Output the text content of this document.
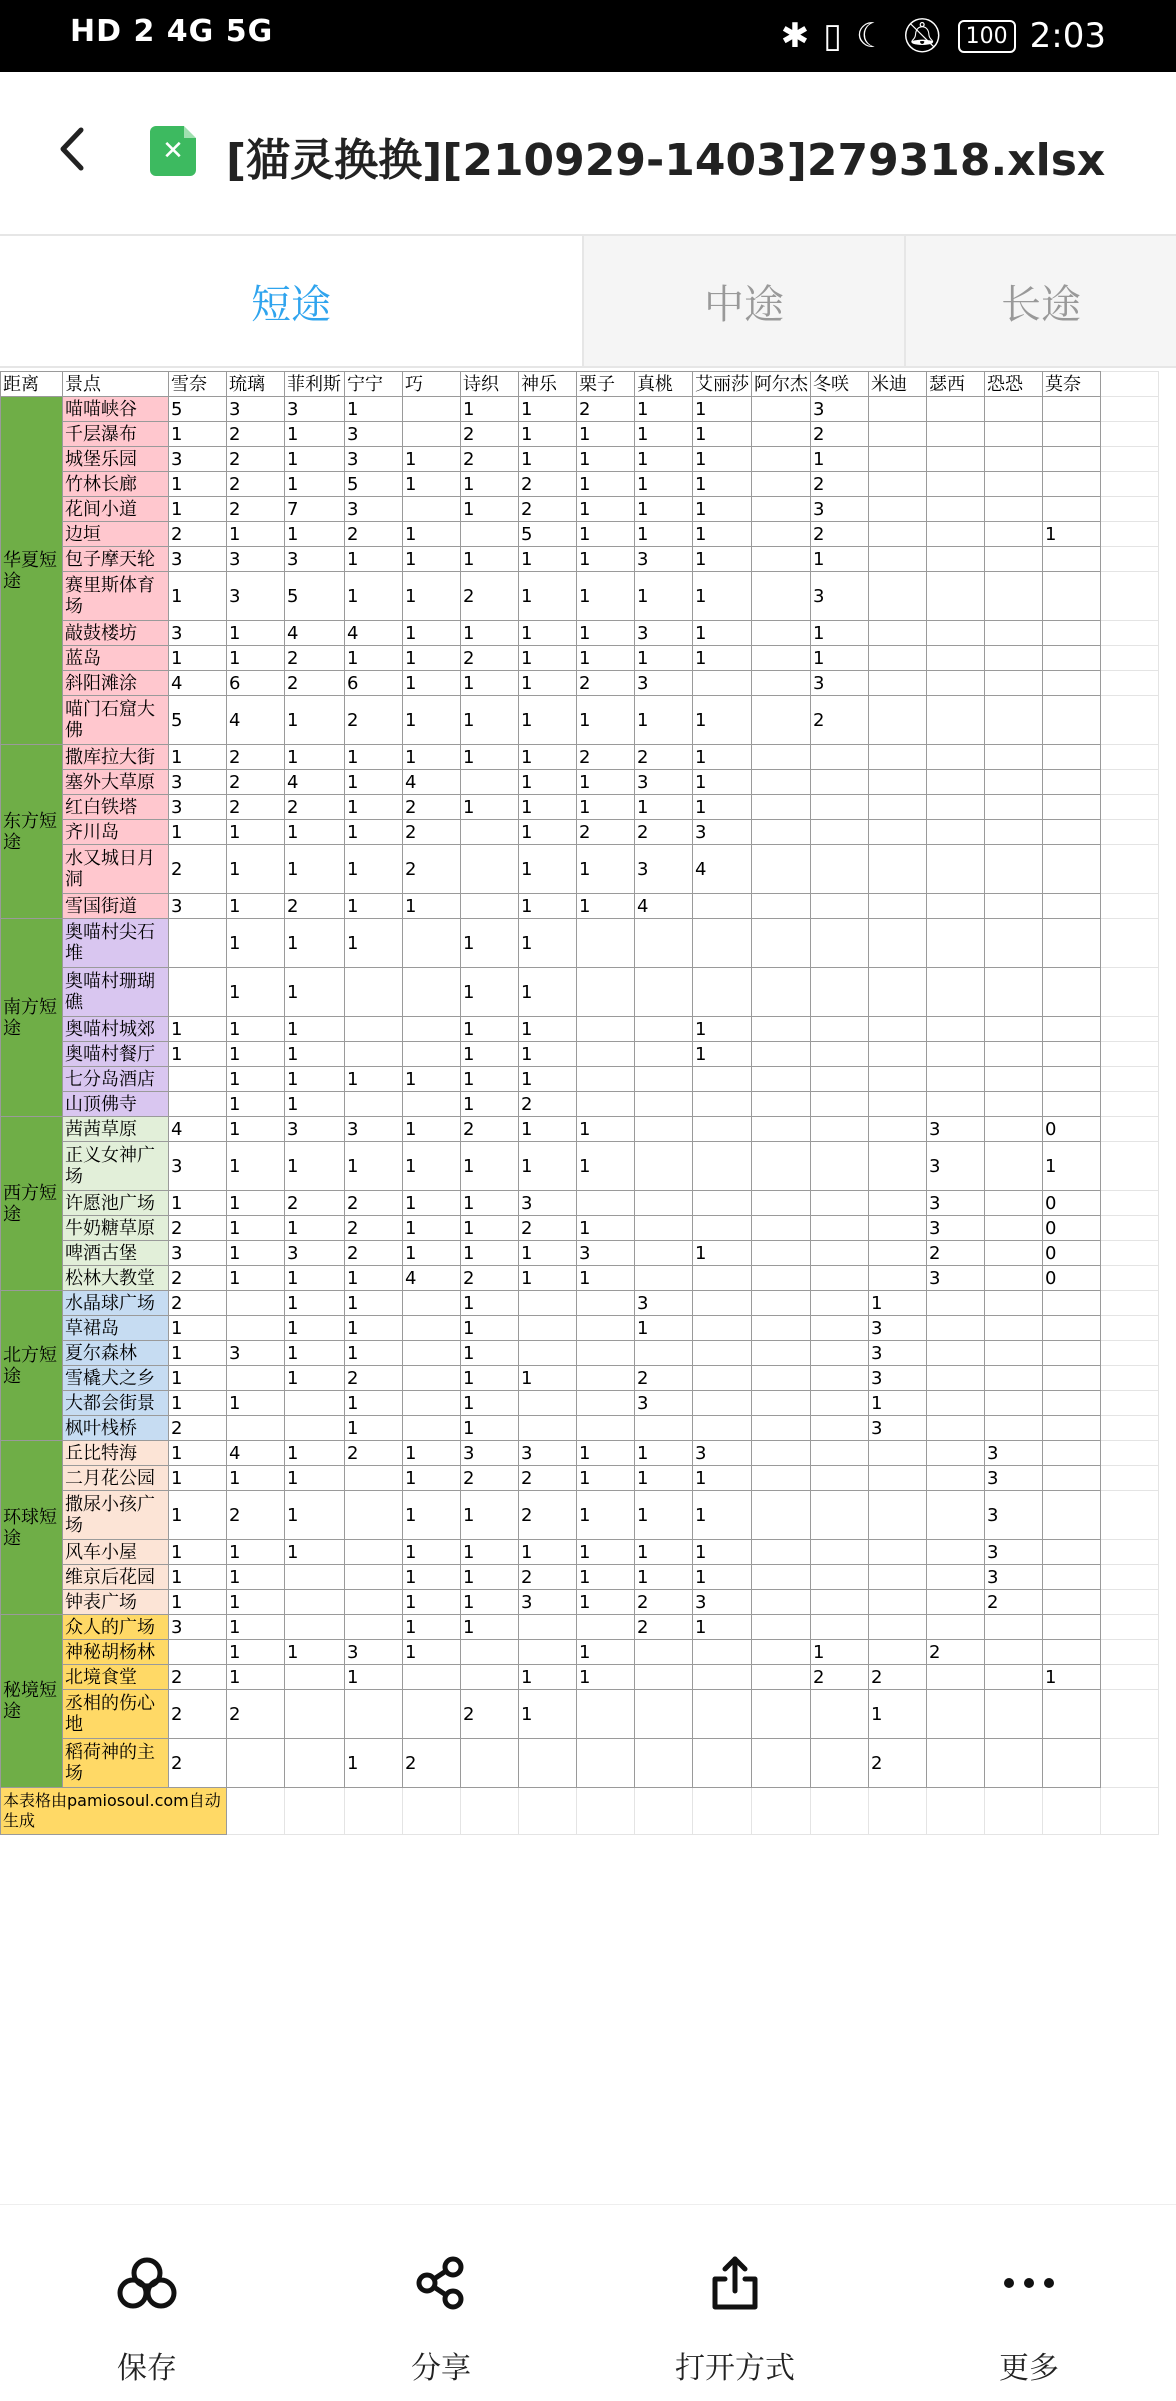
HD 2 4G 5G	✱ ▯ ☾ 🔕︎	100 2:03
✕ [猫灵换换][210929-1403]279318.xlsx
短途	中途	长途
距离	景点	雪奈	琉璃	菲利斯	宁宁	巧	诗织	神乐	栗子	真桃	艾丽莎	阿尔杰	冬咲	米迪	瑟西	恐恐	莫奈	
华夏短途	喵喵峡谷	5	3	3	1		1	1	2	1	1		3					
	千层瀑布	1	2	1	3		2	1	1	1	1		2					
	城堡乐园	3	2	1	3	1	2	1	1	1	1		1					
	竹林长廊	1	2	1	5	1	1	2	1	1	1		2					
	花间小道	1	2	7	3		1	2	1	1	1		3					
	边垣	2	1	1	2	1		5	1	1	1		2				1	
	包子摩天轮	3	3	3	1	1	1	1	1	3	1		1					
	赛里斯体育场	1	3	5	1	1	2	1	1	1	1		3					
	敲鼓楼坊	3	1	4	4	1	1	1	1	3	1		1					
	蓝岛	1	1	2	1	1	2	1	1	1	1		1					
	斜阳滩涂	4	6	2	6	1	1	1	2	3			3					
	喵门石窟大佛	5	4	1	2	1	1	1	1	1	1		2					
东方短途	撒库拉大街	1	2	1	1	1	1	1	2	2	1							
	塞外大草原	3	2	4	1	4		1	1	3	1							
	红白铁塔	3	2	2	1	2	1	1	1	1	1							
	齐川岛	1	1	1	1	2		1	2	2	3							
	水又城日月洞	2	1	1	1	2		1	1	3	4							
	雪国街道	3	1	2	1	1		1	1	4								
南方短途	奥喵村尖石堆		1	1	1		1	1										
	奥喵村珊瑚礁		1	1			1	1										
	奥喵村城郊	1	1	1			1	1			1							
	奥喵村餐厅	1	1	1			1	1			1							
	七分岛酒店		1	1	1	1	1	1										
	山顶佛寺		1	1			1	2										
西方短途	茜茜草原	4	1	3	3	1	2	1	1						3		0	
	正义女神广场	3	1	1	1	1	1	1	1						3		1	
	许愿池广场	1	1	2	2	1	1	3							3		0	
	牛奶糖草原	2	1	1	2	1	1	2	1						3		0	
	啤酒古堡	3	1	3	2	1	1	1	3		1				2		0	
	松林大教堂	2	1	1	1	4	2	1	1						3		0	
北方短途	水晶球广场	2		1	1		1			3				1				
	草裙岛	1		1	1		1			1				3				
	夏尔森林	1	3	1	1		1							3				
	雪橇犬之乡	1		1	2		1	1		2				3				
	大都会街景	1	1		1		1			3				1				
	枫叶栈桥	2			1		1							3				
环球短途	丘比特海	1	4	1	2	1	3	3	1	1	3					3		
	二月花公园	1	1	1		1	2	2	1	1	1					3		
	撒尿小孩广场	1	2	1		1	1	2	1	1	1					3		
	风车小屋	1	1	1		1	1	1	1	1	1					3		
	维京后花园	1	1			1	1	2	1	1	1					3		
	钟表广场	1	1			1	1	3	1	2	3					2		
秘境短途	众人的广场	3	1			1	1			2	1							
	神秘胡杨林		1	1	3	1			1				1		2			
	北境食堂	2	1		1			1	1				2	2			1	
	丞相的伤心地	2	2				2	1						1				
	稻荷神的主场	2			1	2								2				
本表格由pamiosoul.com自动生成																		
保存	分享	打开方式	更多
